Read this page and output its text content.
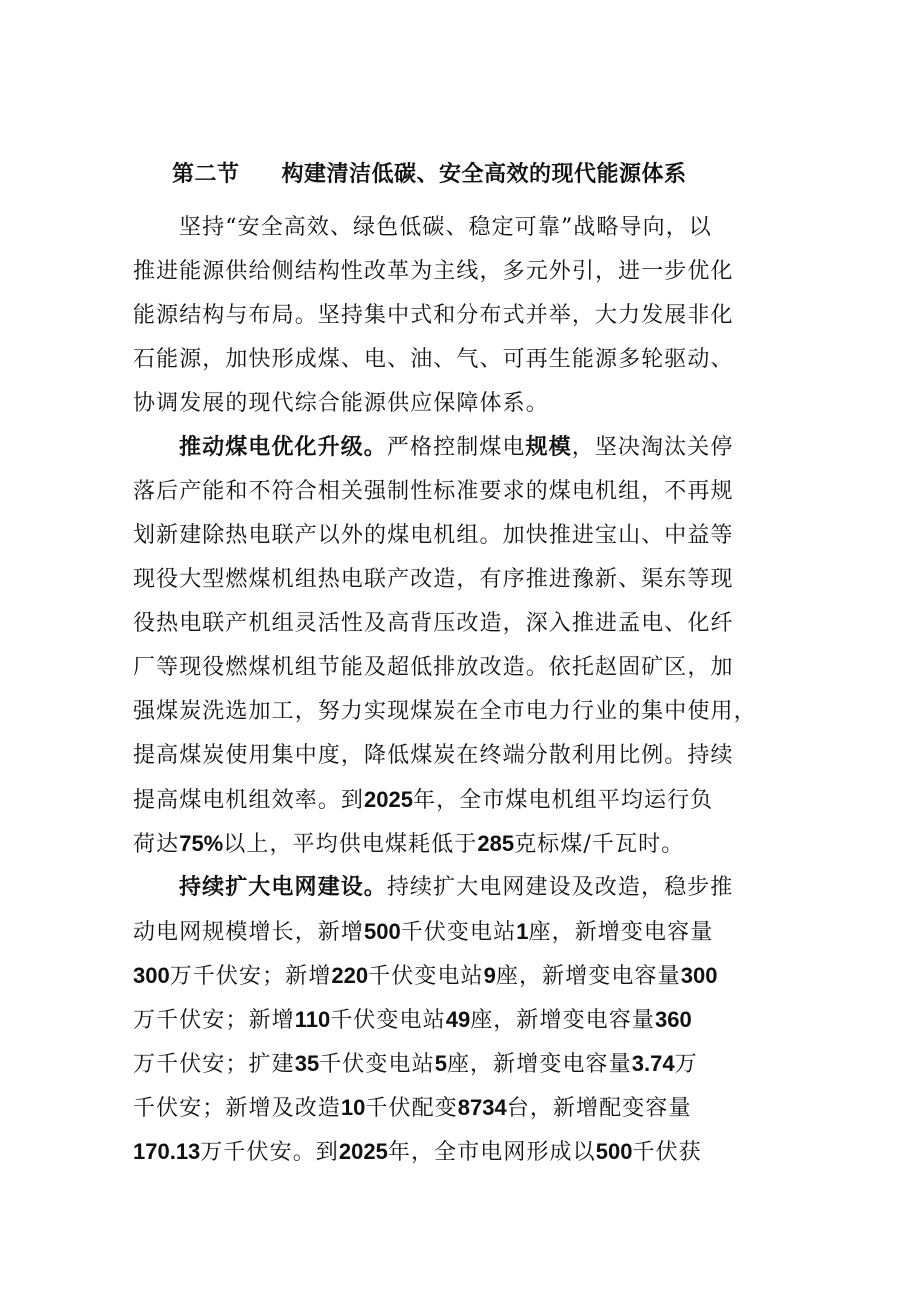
第二节 构建清洁低碳、安全高效的现代能源体系
坚持“安全高效、绿色低碳、稳定可靠”战略导向，以
推进能源供给侧结构性改革为主线，多元外引，进一步优化
能源结构与布局。坚持集中式和分布式并举，大力发展非化
石能源，加快形成煤、电、油、气、可再生能源多轮驱动、
协调发展的现代综合能源供应保障体系。
推动煤电优化升级。严格控制煤电规模，坚决淘汰关停
落后产能和不符合相关强制性标准要求的煤电机组，不再规
划新建除热电联产以外的煤电机组。加快推进宝山、中益等
现役大型燃煤机组热电联产改造，有序推进豫新、渠东等现
役热电联产机组灵活性及高背压改造，深入推进孟电、化纤
厂等现役燃煤机组节能及超低排放改造。依托赵固矿区，加
强煤炭洗选加工，努力实现煤炭在全市电力行业的集中使用，
提高煤炭使用集中度，降低煤炭在终端分散利用比例。持续
提高煤电机组效率。到2025年，全市煤电机组平均运行负
荷达75%以上，平均供电煤耗低于285克标煤/千瓦时。
持续扩大电网建设。持续扩大电网建设及改造，稳步推
动电网规模增长，新增500千伏变电站1座，新增变电容量
300万千伏安；新增220千伏变电站9座，新增变电容量300
万千伏安；新增110千伏变电站49座，新增变电容量360
万千伏安；扩建35千伏变电站5座，新增变电容量3.74万
千伏安；新增及改造10千伏配变8734台，新增配变容量
170.13万千伏安。到2025年，全市电网形成以500千伏获
